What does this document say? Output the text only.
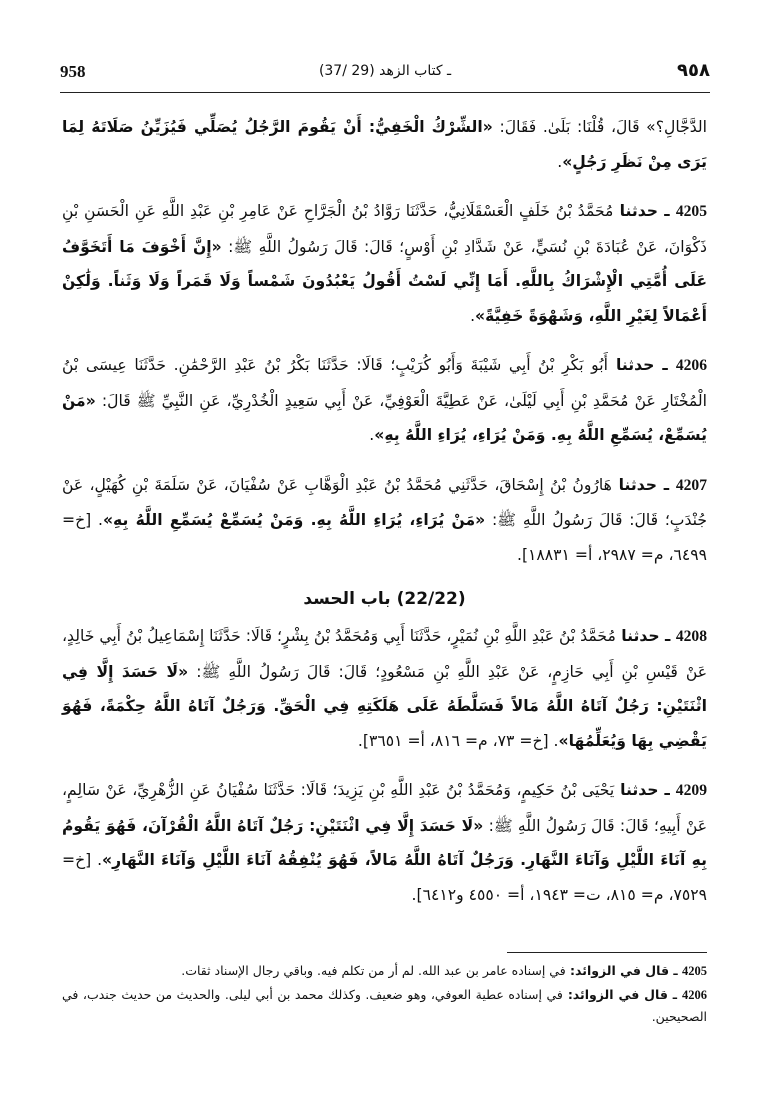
958	(37/ 29) ـ كتاب الزهد	٩٥٨

الدَّجَّالِ؟» قَالَ، قُلْنَا: بَلَىٰ. فَقَالَ: «الشِّرْكُ الْخَفِيُّ: أَنْ يَقُومَ الرَّجُلُ يُصَلِّي فَيُزَيِّنُ صَلَاتَهُ لِمَا يَرَى مِنْ نَظَرِ رَجُلٍ».

4205 ـ حدثنا مُحَمَّدُ بْنُ خَلَفٍ الْعَسْقَلَانِيُّ، حَدَّثَنَا رَوَّادُ بْنُ الْجَرَّاحِ عَنْ عَامِرِ بْنِ عَبْدِ اللَّهِ عَنِ الْحَسَنِ بْنِ ذَكْوَانَ، عَنْ عُبَادَةَ بْنِ نُسَيٍّ، عَنْ شَدَّادِ بْنِ أَوْسٍ؛ قَالَ: قَالَ رَسُولُ اللَّهِ ﷺ: «إِنَّ أَخْوَفَ مَا أَتَخَوَّفُ عَلَى أُمَّتِي الْإِشْرَاكُ بِاللَّهِ. أَمَا إِنِّي لَسْتُ أَقُولُ يَعْبُدُونَ شَمْساً وَلَا قَمَراً وَلَا وَثَناً. وَلَٰكِنْ أَعْمَالاً لِغَيْرِ اللَّهِ، وَشَهْوَةً خَفِيَّةً».

4206 ـ حدثنا أَبُو بَكْرِ بْنُ أَبِي شَيْبَةَ وَأَبُو كُرَيْبٍ؛ قَالَا: حَدَّثَنَا بَكْرُ بْنُ عَبْدِ الرَّحْمَٰنِ. حَدَّثَنَا عِيسَى بْنُ الْمُخْتَارِ عَنْ مُحَمَّدِ بْنِ أَبِي لَيْلَىٰ، عَنْ عَطِيَّةَ الْعَوْفِيِّ، عَنْ أَبِي سَعِيدٍ الْخُدْرِيِّ، عَنِ النَّبِيِّ ﷺ قَالَ: «مَنْ يُسَمِّعْ، يُسَمِّعِ اللَّهُ بِهِ. وَمَنْ يُرَاءِ، يُرَاءِ اللَّهُ بِهِ».

4207 ـ حدثنا هَارُونُ بْنُ إِسْحَاقَ، حَدَّثَنِي مُحَمَّدُ بْنُ عَبْدِ الْوَهَّابِ عَنْ سُفْيَانَ، عَنْ سَلَمَةَ بْنِ كُهَيْلٍ، عَنْ جُنْدَبٍ؛ قَالَ: قَالَ رَسُولُ اللَّهِ ﷺ: «مَنْ يُرَاءِ، يُرَاءِ اللَّهُ بِهِ. وَمَنْ يُسَمِّعْ يُسَمِّعِ اللَّهُ بِهِ». [خ= ٦٤٩٩، م= ٢٩٨٧، أ= ١٨٨٣١].

(22/22) باب الحسد

4208 ـ حدثنا مُحَمَّدُ بْنُ عَبْدِ اللَّهِ بْنِ نُمَيْرٍ، حَدَّثَنَا أَبِي وَمُحَمَّدُ بْنُ بِشْرٍ؛ قَالَا: حَدَّثَنَا إِسْمَاعِيلُ بْنُ أَبِي خَالِدٍ، عَنْ قَيْسِ بْنِ أَبِي حَازِمٍ، عَنْ عَبْدِ اللَّهِ بْنِ مَسْعُودٍ؛ قَالَ: قَالَ رَسُولُ اللَّهِ ﷺ: «لَا حَسَدَ إِلَّا فِي اثْنَتَيْنِ: رَجُلٌ آتَاهُ اللَّهُ مَالاً فَسَلَّطَهُ عَلَى هَلَكَتِهِ فِي الْحَقِّ. وَرَجُلٌ آتَاهُ اللَّهُ حِكْمَةً، فَهُوَ يَقْضِي بِهَا وَيُعَلِّمُهَا». [خ= ٧٣، م= ٨١٦، أ= ٣٦٥١].

4209 ـ حدثنا يَحْيَى بْنُ حَكِيمٍ، وَمُحَمَّدُ بْنُ عَبْدِ اللَّهِ بْنِ يَزِيدَ؛ قَالَا: حَدَّثَنَا سُفْيَانُ عَنِ الزُّهْرِيِّ، عَنْ سَالِمٍ، عَنْ أَبِيهِ؛ قَالَ: قَالَ رَسُولُ اللَّهِ ﷺ: «لَا حَسَدَ إِلَّا فِي اثْنَتَيْنِ: رَجُلٌ آتَاهُ اللَّهُ الْقُرْآنَ، فَهُوَ يَقُومُ بِهِ آنَاءَ اللَّيْلِ وَآنَاءَ النَّهَارِ. وَرَجُلٌ آتَاهُ اللَّهُ مَالاً، فَهُوَ يُنْفِقُهُ آنَاءَ اللَّيْلِ وَآنَاءَ النَّهَارِ». [خ= ٧٥٢٩، م= ٨١٥، ت= ١٩٤٣، أ= ٤٥٥٠ و٦٤١٢].

4205 ـ قال في الزوائد: في إسناده عامر بن عبد الله. لم أر من تكلم فيه. وباقي رجال الإسناد ثقات.

4206 ـ قال في الزوائد: في إسناده عطية العوفي، وهو ضعيف. وكذلك محمد بن أبي ليلى. والحديث من حديث جندب، في الصحيحين.
